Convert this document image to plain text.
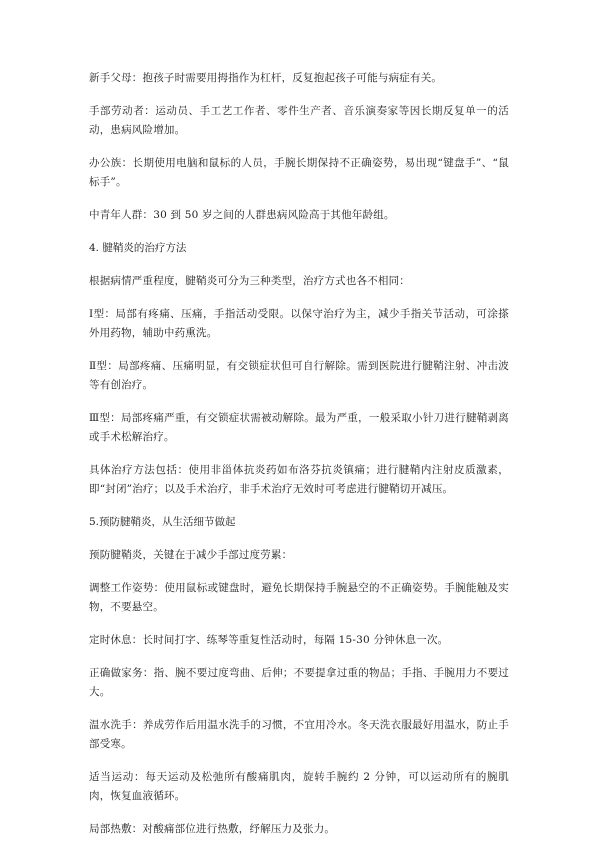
新手父母：抱孩子时需要用拇指作为杠杆，反复抱起孩子可能与病症有关。

手部劳动者：运动员、手工艺工作者、零件生产者、音乐演奏家等因长期反复单一的活动，患病风险增加。

办公族：长期使用电脑和鼠标的人员，手腕长期保持不正确姿势，易出现“键盘手”、“鼠标手”。

中青年人群：30 到 50 岁之间的人群患病风险高于其他年龄组。

4. 腱鞘炎的治疗方法

根据病情严重程度，腱鞘炎可分为三种类型，治疗方式也各不相同：

Ⅰ型：局部有疼痛、压痛，手指活动受限。以保守治疗为主，减少手指关节活动，可涂搽外用药物，辅助中药熏洗。

Ⅱ型：局部疼痛、压痛明显，有交锁症状但可自行解除。需到医院进行腱鞘注射、冲击波等有创治疗。

Ⅲ型：局部疼痛严重，有交锁症状需被动解除。最为严重，一般采取小针刀进行腱鞘剥离或手术松解治疗。

具体治疗方法包括：使用非甾体抗炎药如布洛芬抗炎镇痛；进行腱鞘内注射皮质激素，即“封闭”治疗；以及手术治疗，非手术治疗无效时可考虑进行腱鞘切开减压。

5.预防腱鞘炎，从生活细节做起

预防腱鞘炎，关键在于减少手部过度劳累：

调整工作姿势：使用鼠标或键盘时，避免长期保持手腕悬空的不正确姿势。手腕能触及实物，不要悬空。

定时休息：长时间打字、练琴等重复性活动时，每隔 15-30 分钟休息一次。

正确做家务：指、腕不要过度弯曲、后伸；不要提拿过重的物品；手指、手腕用力不要过大。

温水洗手：养成劳作后用温水洗手的习惯，不宜用冷水。冬天洗衣服最好用温水，防止手部受寒。

适当运动：每天运动及松弛所有酸痛肌肉，旋转手腕约 2 分钟，可以运动所有的腕肌肉，恢复血液循环。

局部热敷：对酸痛部位进行热敷，纾解压力及张力。
